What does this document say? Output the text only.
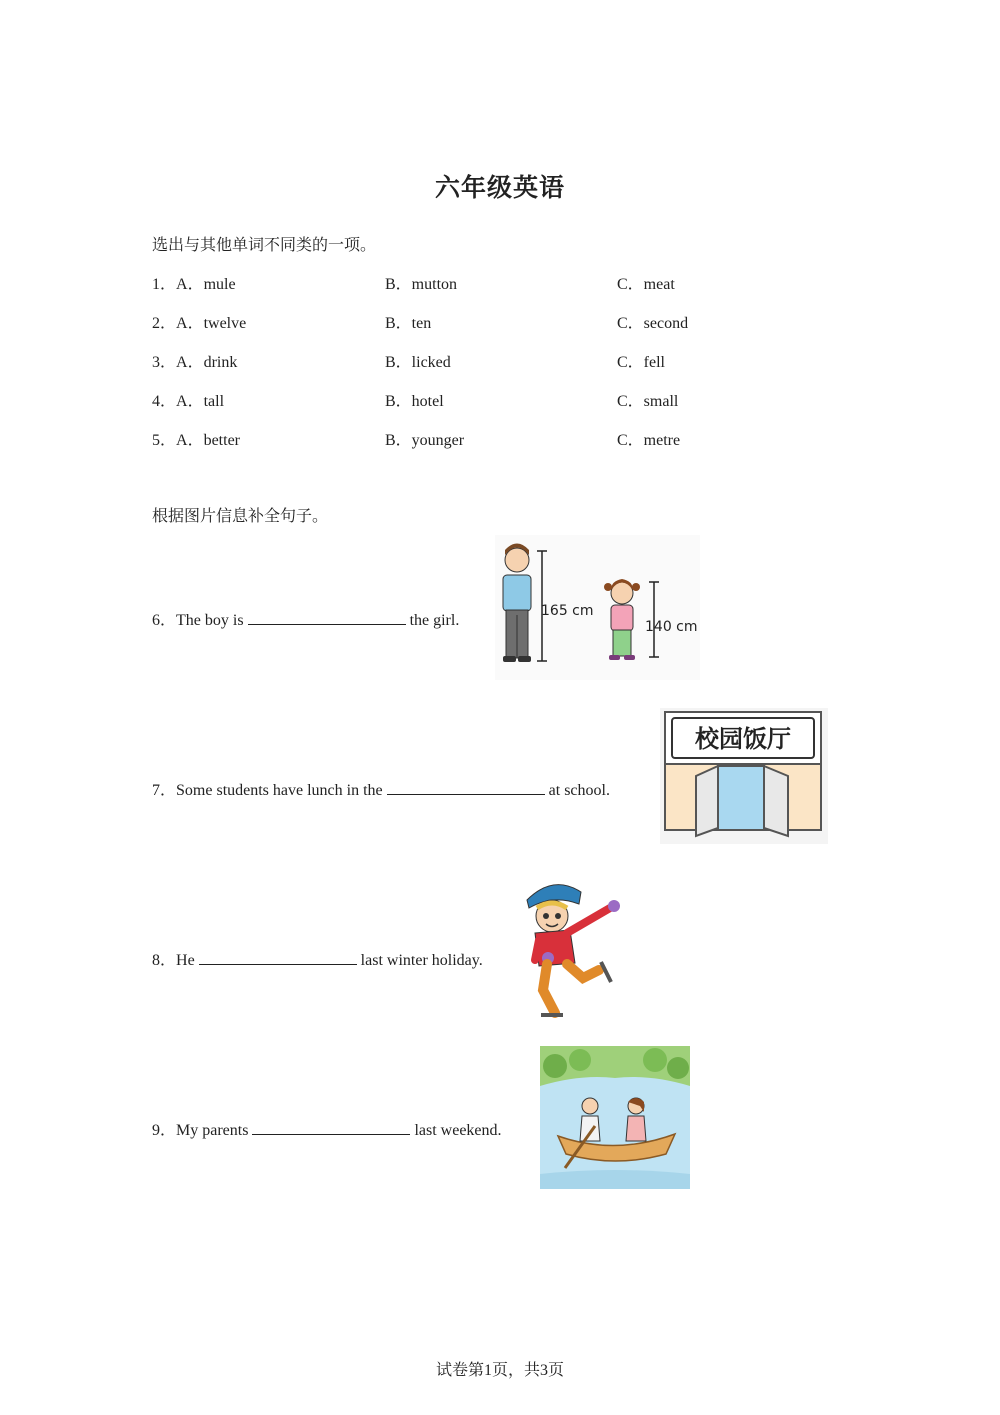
六年级英语
选出与其他单词不同类的一项。
1．A．mule	B．mutton	C．meat
2．A．twelve	B．ten	C．second
3．A．drink	B．licked	C．fell
4．A．tall	B．hotel	C．small
5．A．better	B．younger	C．metre
根据图片信息补全句子。
6．The boy is	the girl.
165 cm
140 cm
7．Some students have lunch in the	at school.
校园饭厅
8．He	last winter holiday.
9．My parents	last weekend.
试卷第1页，共3页
